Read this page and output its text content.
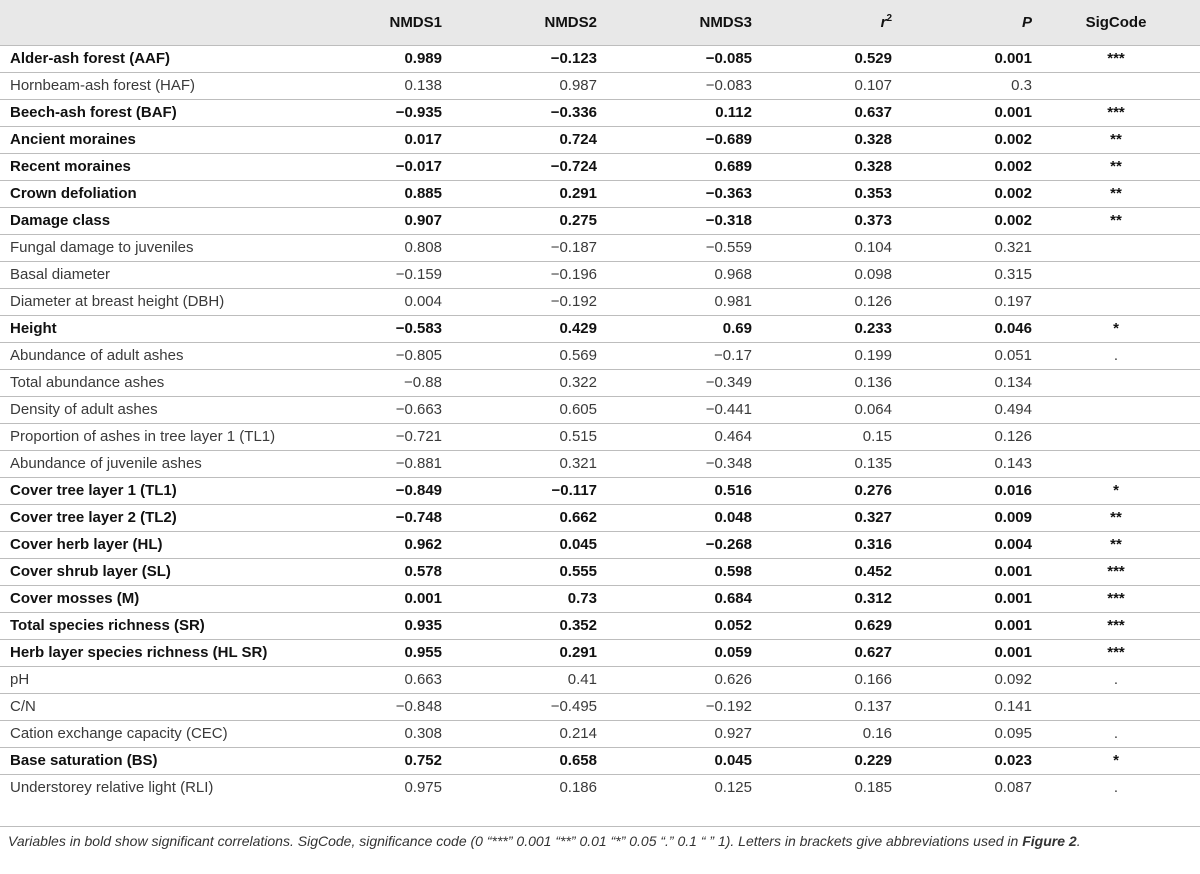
	NMDS1	NMDS2	NMDS3	$r^2$	P	SigCode
Alder-ash forest (AAF)	0.989	−0.123	−0.085	0.529	0.001	***
Hornbeam-ash forest (HAF)	0.138	0.987	−0.083	0.107	0.3	
Beech-ash forest (BAF)	−0.935	−0.336	0.112	0.637	0.001	***
Ancient moraines	0.017	0.724	−0.689	0.328	0.002	**
Recent moraines	−0.017	−0.724	0.689	0.328	0.002	**
Crown defoliation	0.885	0.291	−0.363	0.353	0.002	**
Damage class	0.907	0.275	−0.318	0.373	0.002	**
Fungal damage to juveniles	0.808	−0.187	−0.559	0.104	0.321	
Basal diameter	−0.159	−0.196	0.968	0.098	0.315	
Diameter at breast height (DBH)	0.004	−0.192	0.981	0.126	0.197	
Height	−0.583	0.429	0.69	0.233	0.046	*
Abundance of adult ashes	−0.805	0.569	−0.17	0.199	0.051	.
Total abundance ashes	−0.88	0.322	−0.349	0.136	0.134	
Density of adult ashes	−0.663	0.605	−0.441	0.064	0.494	
Proportion of ashes in tree layer 1 (TL1)	−0.721	0.515	0.464	0.15	0.126	
Abundance of juvenile ashes	−0.881	0.321	−0.348	0.135	0.143	
Cover tree layer 1 (TL1)	−0.849	−0.117	0.516	0.276	0.016	*
Cover tree layer 2 (TL2)	−0.748	0.662	0.048	0.327	0.009	**
Cover herb layer (HL)	0.962	0.045	−0.268	0.316	0.004	**
Cover shrub layer (SL)	0.578	0.555	0.598	0.452	0.001	***
Cover mosses (M)	0.001	0.73	0.684	0.312	0.001	***
Total species richness (SR)	0.935	0.352	0.052	0.629	0.001	***
Herb layer species richness (HL SR)	0.955	0.291	0.059	0.627	0.001	***
pH	0.663	0.41	0.626	0.166	0.092	.
C/N	−0.848	−0.495	−0.192	0.137	0.141	
Cation exchange capacity (CEC)	0.308	0.214	0.927	0.16	0.095	.
Base saturation (BS)	0.752	0.658	0.045	0.229	0.023	*
Understorey relative light (RLI)	0.975	0.186	0.125	0.185	0.087	.
Variables in bold show significant correlations. SigCode, significance code (0 “***” 0.001 “**” 0.01 “*” 0.05 “.” 0.1 “ ” 1). Letters in brackets give abbreviations used in Figure 2.
